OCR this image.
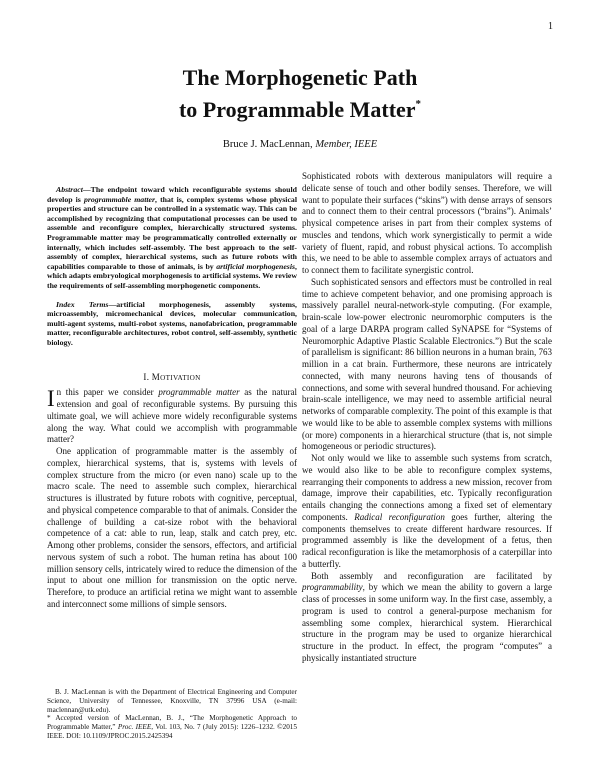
1
The Morphogenetic Path
to Programmable Matter*
Bruce J. MacLennan, Member, IEEE

Abstract—The endpoint toward which reconfigurable systems should develop is programmable matter, that is, complex systems whose physical properties and structure can be controlled in a systematic way. This can be accomplished by recognizing that computational processes can be used to assemble and reconfigure complex, hierarchically structured systems. Programmable matter may be programmatically controlled externally or internally, which includes self-assembly. The best approach to the self-assembly of complex, hierarchical systems, such as future robots with capabilities comparable to those of animals, is by artificial morphogenesis, which adapts embryological morphogenesis to artificial systems. We review the requirements of self-assembling morphogenetic components.

Index Terms—artificial morphogenesis, assembly systems, microassembly, micromechanical devices, molecular communication, multi-agent systems, multi-robot systems, nanofabrication, programmable matter, reconfigurable architectures, robot control, self-assembly, synthetic biology.

I. MOTIVATION

In this paper we consider programmable matter as the natural extension and goal of reconfigurable systems. By pursuing this ultimate goal, we will achieve more widely reconfigurable systems along the way. What could we accomplish with programmable matter?

One application of programmable matter is the assembly of complex, hierarchical systems, that is, systems with levels of complex structure from the micro (or even nano) scale up to the macro scale. The need to assemble such complex, hierarchical structures is illustrated by future robots with cognitive, perceptual, and physical competence comparable to that of animals. Consider the challenge of building a cat-size robot with the behavioral competence of a cat: able to run, leap, stalk and catch prey, etc. Among other problems, consider the sensors, effectors, and artificial nervous system of such a robot. The human retina has about 100 million sensory cells, intricately wired to reduce the dimension of the input to about one million for transmission on the optic nerve. Therefore, to produce an artificial retina we might want to assemble and interconnect some millions of simple sensors.

B. J. MacLennan is with the Department of Electrical Engineering and Computer Science, University of Tennessee, Knoxville, TN 37996 USA (e-mail: maclennan@utk.edu).

* Accepted version of MacLennan, B. J., “The Morphogenetic Approach to Programmable Matter,” Proc. IEEE, Vol. 103, No. 7 (July 2015): 1226–1232. ©2015 IEEE. DOI: 10.1109/JPROC.2015.2425394

Sophisticated robots with dexterous manipulators will require a delicate sense of touch and other bodily senses. Therefore, we will want to populate their surfaces (“skins”) with dense arrays of sensors and to connect them to their central processors (“brains”). Animals’ physical competence arises in part from their complex systems of muscles and tendons, which work synergistically to permit a wide variety of fluent, rapid, and robust physical actions. To accomplish this, we need to be able to assemble complex arrays of actuators and to connect them to facilitate synergistic control.

Such sophisticated sensors and effectors must be controlled in real time to achieve competent behavior, and one promising approach is massively parallel neural-network-style computing. (For example, brain-scale low-power electronic neuromorphic computers is the goal of a large DARPA program called SyNAPSE for “Systems of Neuromorphic Adaptive Plastic Scalable Electronics.”) But the scale of parallelism is significant: 86 billion neurons in a human brain, 763 million in a cat brain. Furthermore, these neurons are intricately connected, with many neurons having tens of thousands of connections, and some with several hundred thousand. For achieving brain-scale intelligence, we may need to assemble artificial neural networks of comparable complexity. The point of this example is that we would like to be able to assemble complex systems with millions (or more) components in a hierarchical structure (that is, not simple homogeneous or periodic structures).

Not only would we like to assemble such systems from scratch, we would also like to be able to reconfigure complex systems, rearranging their components to address a new mission, recover from damage, improve their capabilities, etc. Typically reconfiguration entails changing the connections among a fixed set of elementary components. Radical reconfiguration goes further, altering the components themselves to create different hardware resources. If programmed assembly is like the development of a fetus, then radical reconfiguration is like the metamorphosis of a caterpillar into a butterfly.

Both assembly and reconfiguration are facilitated by programmability, by which we mean the ability to govern a large class of processes in some uniform way. In the first case, assembly, a program is used to control a general-purpose mechanism for assembling some complex, hierarchical system. Hierarchical structure in the program may be used to organize hierarchical structure in the product. In effect, the program “computes” a physically instantiated structure
